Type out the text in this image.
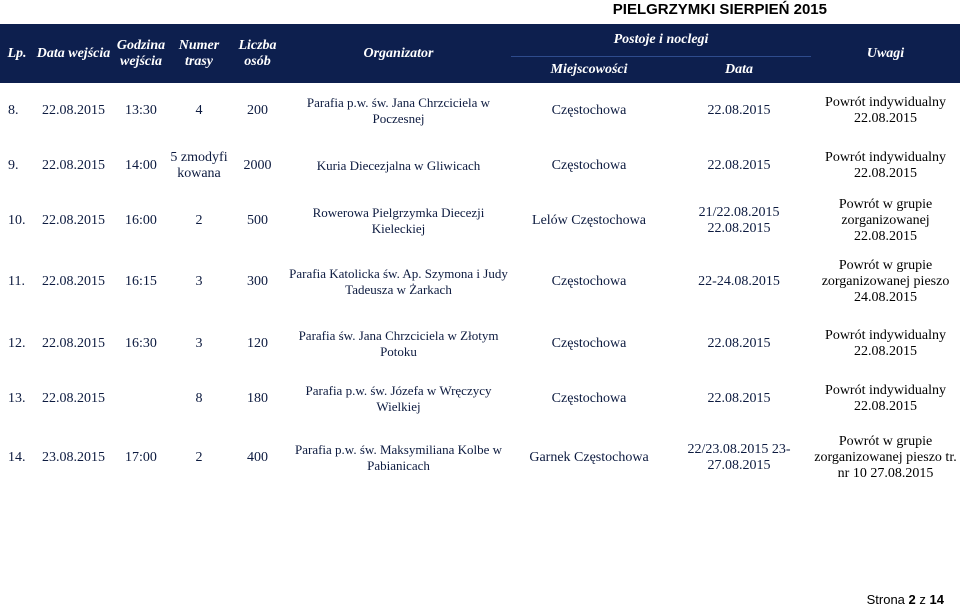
PIELGRZYMKI SIERPIEŃ 2015
Lp.	Data wejścia	Godzina wejścia	Numer trasy	Liczba osób	Organizator	Postoje i noclegi		Uwagi
						Miejscowości	Data	
8.	22.08.2015	13:30	4	200	Parafia p.w. św. Jana Chrzciciela w Poczesnej	Częstochowa	22.08.2015	Powrót indywidualny 22.08.2015
9.	22.08.2015	14:00	5 zmodyfi kowana	2000	Kuria Diecezjalna w Gliwicach	Częstochowa	22.08.2015	Powrót indywidualny 22.08.2015
10.	22.08.2015	16:00	2	500	Rowerowa Pielgrzymka Diecezji Kieleckiej	Lelów Częstochowa	21/22.08.2015 22.08.2015	Powrót w grupie zorganizowanej 22.08.2015
11.	22.08.2015	16:15	3	300	Parafia Katolicka św. Ap. Szymona i Judy Tadeusza w Żarkach	Częstochowa	22-24.08.2015	Powrót w grupie zorganizowanej pieszo 24.08.2015
12.	22.08.2015	16:30	3	120	Parafia św. Jana Chrzciciela w Złotym Potoku	Częstochowa	22.08.2015	Powrót indywidualny 22.08.2015
13.	22.08.2015		8	180	Parafia p.w. św. Józefa w Wręczycy Wielkiej	Częstochowa	22.08.2015	Powrót indywidualny 22.08.2015
14.	23.08.2015	17:00	2	400	Parafia p.w. św. Maksymiliana Kolbe w Pabianicach	Garnek Częstochowa	22/23.08.2015 23-27.08.2015	Powrót w grupie zorganizowanej pieszo tr. nr 10 27.08.2015
Strona 2 z 14
